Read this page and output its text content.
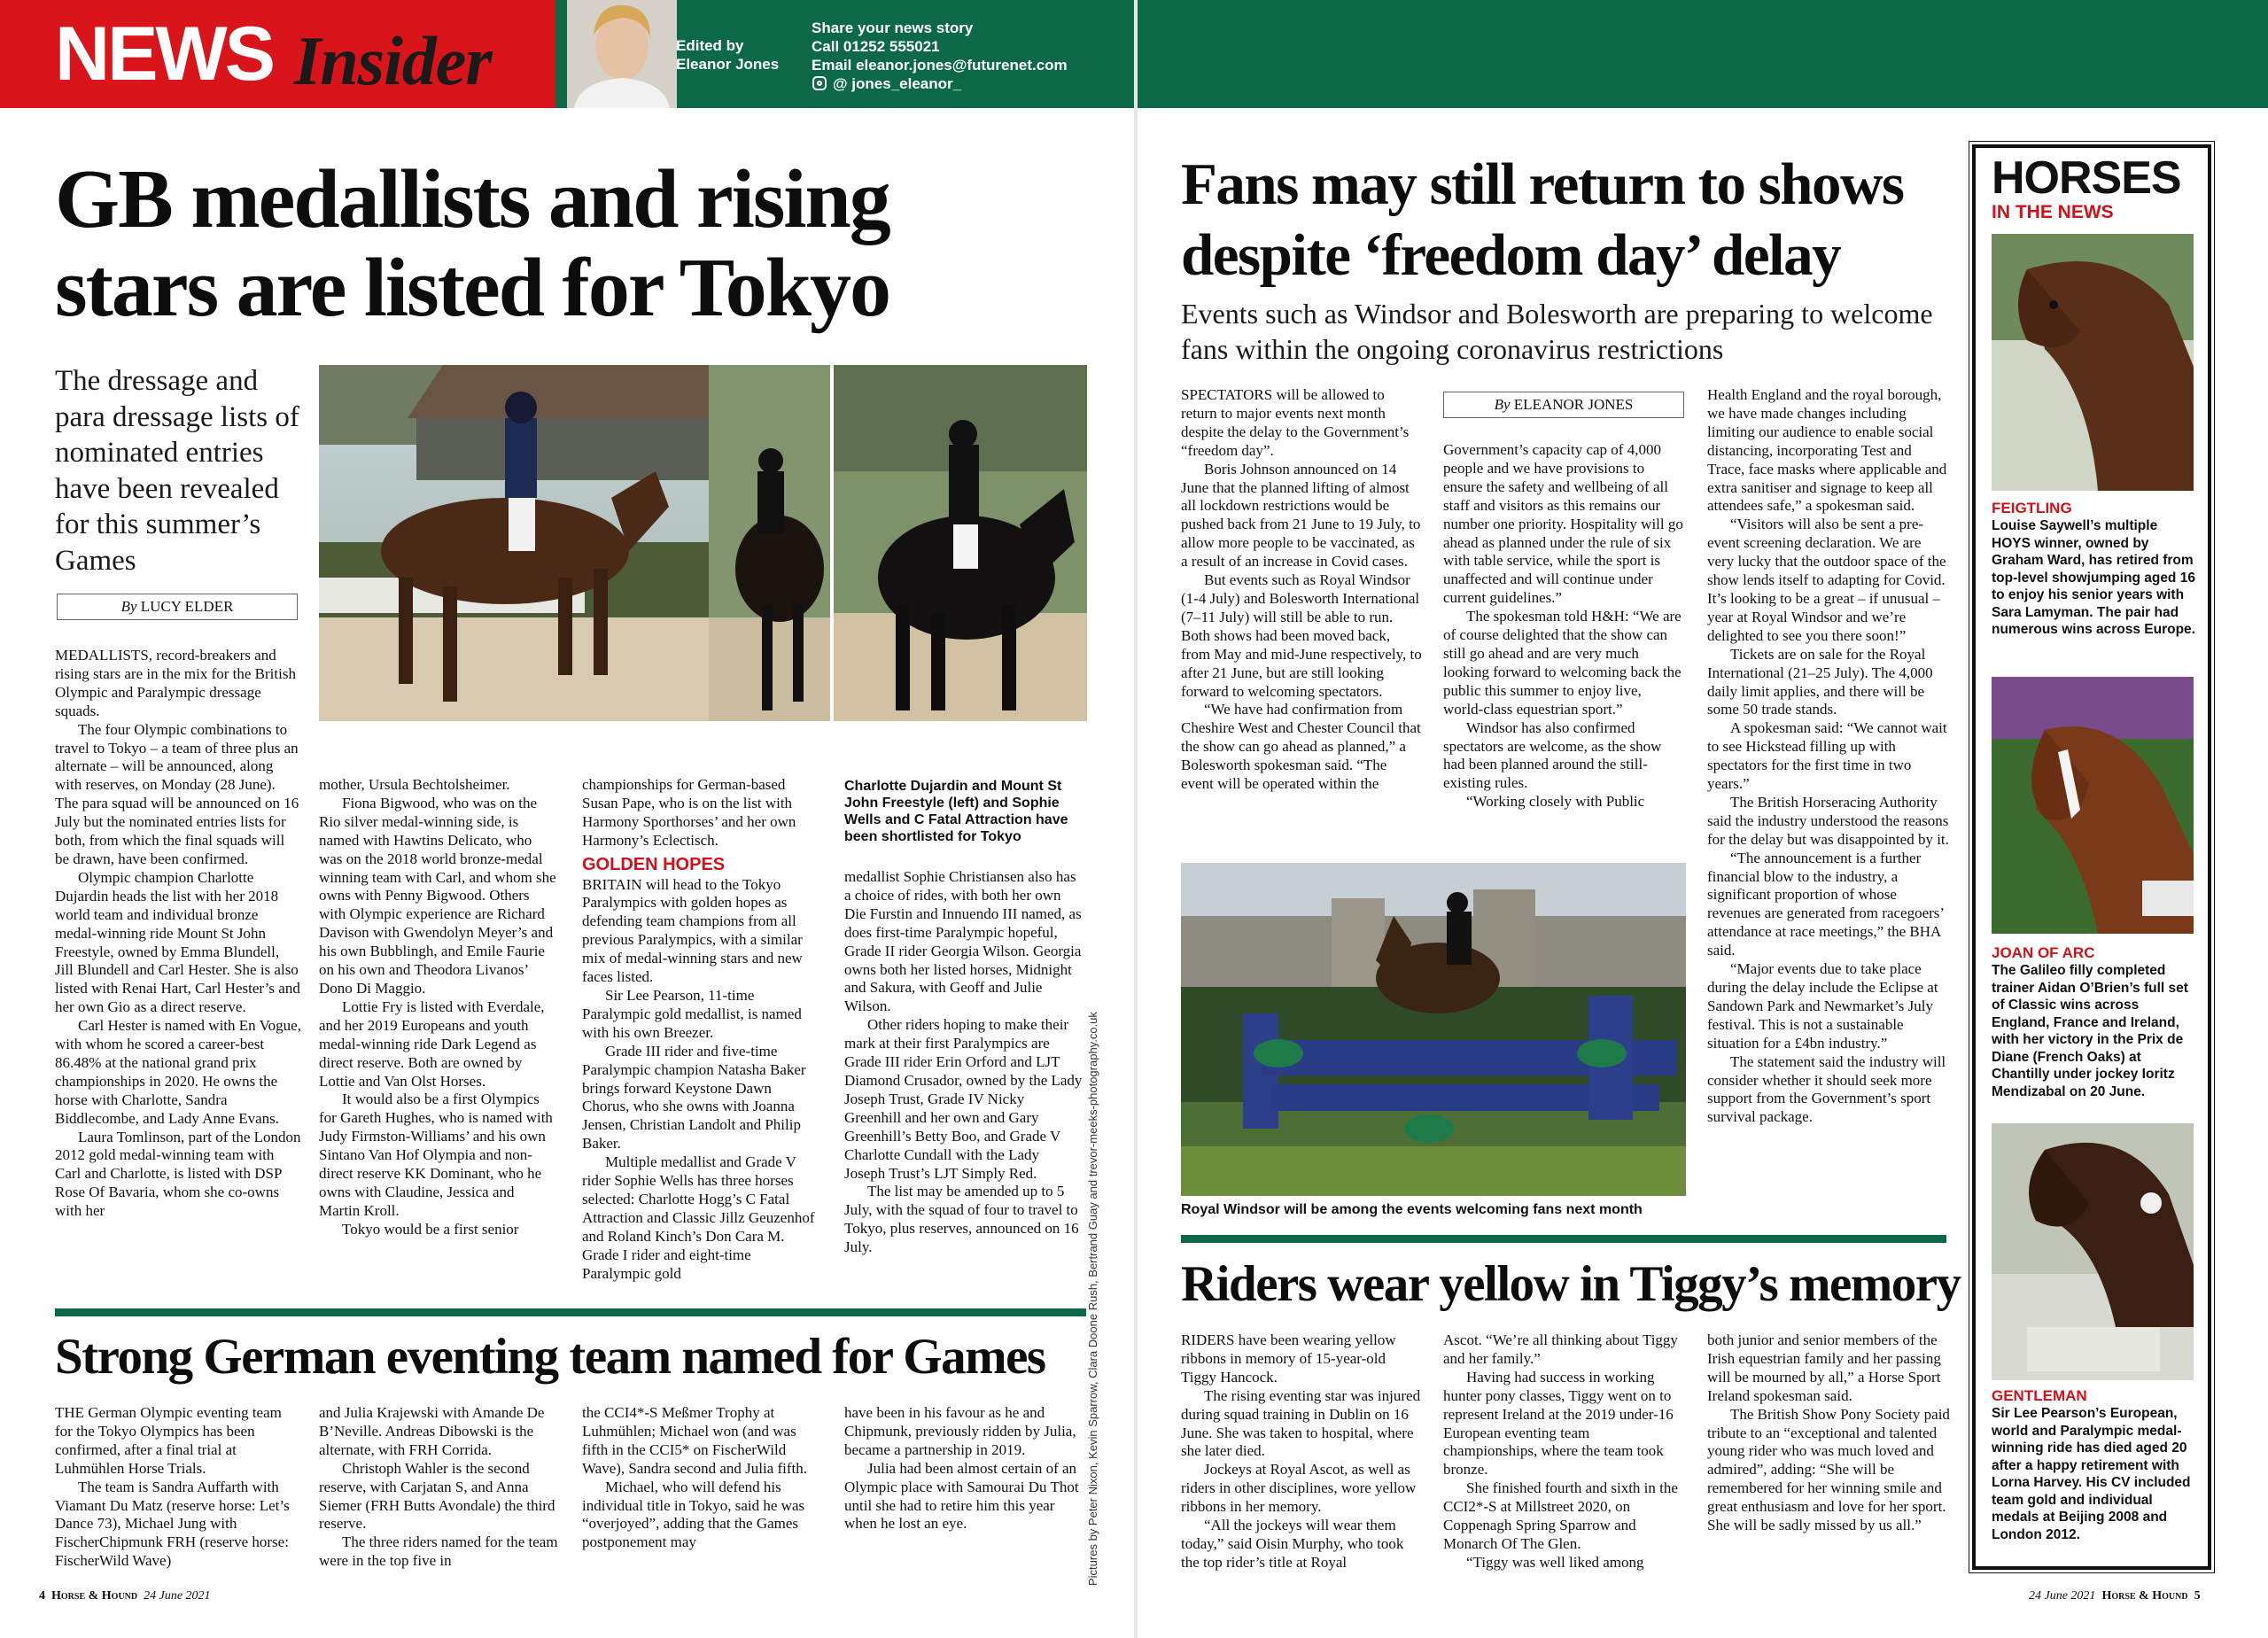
NEWS Insider	Edited by
Eleanor Jones
Share your news story
Call 01252 555021
Email eleanor.jones@futurenet.com
@ jones_eleanor_
GB medallists and rising stars are listed for Tokyo
The dressage and para dressage lists of nominated entries have been revealed for this summer’s Games
By LUCY ELDER

MEDALLISTS, record-breakers and rising stars are in the mix for the British Olympic and Paralympic dressage squads.

The four Olympic combinations to travel to Tokyo – a team of three plus an alternate – will be announced, along with reserves, on Monday (28 June). The para squad will be announced on 16 July but the nominated entries lists for both, from which the final squads will be drawn, have been confirmed.

Olympic champion Charlotte Dujardin heads the list with her 2018 world team and individual bronze medal-winning ride Mount St John Freestyle, owned by Emma Blundell, Jill Blundell and Carl Hester. She is also listed with Renai Hart, Carl Hester’s and her own Gio as a direct reserve.

Carl Hester is named with En Vogue, with whom he scored a career-best 86.48% at the national grand prix championships in 2020. He owns the horse with Charlotte, Sandra Biddlecombe, and Lady Anne Evans.

Laura Tomlinson, part of the London 2012 gold medal-winning team with Carl and Charlotte, is listed with DSP Rose Of Bavaria, whom she co-owns with her

mother, Ursula Bechtolsheimer.

Fiona Bigwood, who was on the Rio silver medal-winning side, is named with Hawtins Delicato, who was on the 2018 world bronze-medal winning team with Carl, and whom she owns with Penny Bigwood. Others with Olympic experience are Richard Davison with Gwendolyn Meyer’s and his own Bubblingh, and Emile Faurie on his own and Theodora Livanos’ Dono Di Maggio.

Lottie Fry is listed with Everdale, and her 2019 Europeans and youth medal-winning ride Dark Legend as direct reserve. Both are owned by Lottie and Van Olst Horses.

It would also be a first Olympics for Gareth Hughes, who is named with Judy Firmston-Williams’ and his own Sintano Van Hof Olympia and non-direct reserve KK Dominant, who he owns with Claudine, Jessica and Martin Kroll.

Tokyo would be a first senior

championships for German-based Susan Pape, who is on the list with Harmony Sporthorses’ and her own Harmony’s Eclectisch.

GOLDEN HOPES

BRITAIN will head to the Tokyo Paralympics with golden hopes as defending team champions from all previous Paralympics, with a similar mix of medal-winning stars and new faces listed.

Sir Lee Pearson, 11-time Paralympic gold medallist, is named with his own Breezer.

Grade III rider and five-time Paralympic champion Natasha Baker brings forward Keystone Dawn Chorus, who she owns with Joanna Jensen, Christian Landolt and Philip Baker.

Multiple medallist and Grade V rider Sophie Wells has three horses selected: Charlotte Hogg’s C Fatal Attraction and Classic Jillz Geuzenhof and Roland Kinch’s Don Cara M. Grade I rider and eight-time Paralympic gold

Charlotte Dujardin and Mount St John Freestyle (left) and Sophie Wells and C Fatal Attraction have been shortlisted for Tokyo

medallist Sophie Christiansen also has a choice of rides, with both her own Die Furstin and Innuendo III named, as does first-time Paralympic hopeful, Grade II rider Georgia Wilson. Georgia owns both her listed horses, Midnight and Sakura, with Geoff and Julie Wilson.

Other riders hoping to make their mark at their first Paralympics are Grade III rider Erin Orford and LJT Diamond Crusador, owned by the Lady Joseph Trust, Grade IV Nicky Greenhill and her own and Gary Greenhill’s Betty Boo, and Grade V Charlotte Cundall with the Lady Joseph Trust’s LJT Simply Red.

The list may be amended up to 5 July, with the squad of four to travel to Tokyo, plus reserves, announced on 16 July.	Pictures by Peter Nixon, Kevin Sparrow, Clara Doone Rush, Bertrand Guay and trevor-meeks-photography.co.uk
Strong German eventing team named for Games

THE German Olympic eventing team for the Tokyo Olympics has been confirmed, after a final trial at Luhmühlen Horse Trials.

The team is Sandra Auffarth with Viamant Du Matz (reserve horse: Let’s Dance 73), Michael Jung with FischerChipmunk FRH (reserve horse: FischerWild Wave)

and Julia Krajewski with Amande De B’Neville. Andreas Dibowski is the alternate, with FRH Corrida.

Christoph Wahler is the second reserve, with Carjatan S, and Anna Siemer (FRH Butts Avondale) the third reserve.

The three riders named for the team were in the top five in

the CCI4*-S Meßmer Trophy at Luhmühlen; Michael won (and was fifth in the CCI5* on FischerWild Wave), Sandra second and Julia fifth.

Michael, who will defend his individual title in Tokyo, said he was “overjoyed”, adding that the Games postponement may

have been in his favour as he and Chipmunk, previously ridden by Julia, became a partnership in 2019.

Julia had been almost certain of an Olympic place with Samourai Du Thot until she had to retire him this year when he lost an eye.

4 Horse & Hound 24 June 2021
Fans may still return to shows despite ‘freedom day’ delay
Events such as Windsor and Bolesworth are preparing to welcome fans within the ongoing coronavirus restrictions

SPECTATORS will be allowed to return to major events next month despite the delay to the Government’s “freedom day”.

Boris Johnson announced on 14 June that the planned lifting of almost all lockdown restrictions would be pushed back from 21 June to 19 July, to allow more people to be vaccinated, as a result of an increase in Covid cases.

But events such as Royal Windsor (1-4 July) and Bolesworth International (7–11 July) will still be able to run. Both shows had been moved back, from May and mid-June respectively, to after 21 June, but are still looking forward to welcoming spectators.

“We have had confirmation from Cheshire West and Chester Council that the show can go ahead as planned,” a Bolesworth spokesman said. “The event will be operated within the

By ELEANOR JONES

Government’s capacity cap of 4,000 people and we have provisions to ensure the safety and wellbeing of all staff and visitors as this remains our number one priority. Hospitality will go ahead as planned under the rule of six with table service, while the sport is unaffected and will continue under current guidelines.”

The spokesman told H&H: “We are of course delighted that the show can still go ahead and are very much looking forward to welcoming back the public this summer to enjoy live, world-class equestrian sport.”

Windsor has also confirmed spectators are welcome, as the show had been planned around the still-existing rules.

“Working closely with Public

Health England and the royal borough, we have made changes including limiting our audience to enable social distancing, incorporating Test and Trace, face masks where applicable and extra sanitiser and signage to keep all attendees safe,” a spokesman said.

“Visitors will also be sent a pre-event screening declaration. We are very lucky that the outdoor space of the show lends itself to adapting for Covid. It’s looking to be a great – if unusual – year at Royal Windsor and we’re delighted to see you there soon!”

Tickets are on sale for the Royal International (21–25 July). The 4,000 daily limit applies, and there will be some 50 trade stands.

A spokesman said: “We cannot wait to see Hickstead filling up with spectators for the first time in two years.”

The British Horseracing Authority said the industry understood the reasons for the delay but was disappointed by it.

“The announcement is a further financial blow to the industry, a significant proportion of whose revenues are generated from racegoers’ attendance at race meetings,” the BHA said.

“Major events due to take place during the delay include the Eclipse at Sandown Park and Newmarket’s July festival. This is not a sustainable situation for a £4bn industry.”

The statement said the industry will consider whether it should seek more support from the Government’s sport survival package.

Royal Windsor will be among the events welcoming fans next month
Riders wear yellow in Tiggy’s memory

RIDERS have been wearing yellow ribbons in memory of 15-year-old Tiggy Hancock.

The rising eventing star was injured during squad training in Dublin on 16 June. She was taken to hospital, where she later died.

Jockeys at Royal Ascot, as well as riders in other disciplines, wore yellow ribbons in her memory.

“All the jockeys will wear them today,” said Oisin Murphy, who took the top rider’s title at Royal

Ascot. “We’re all thinking about Tiggy and her family.”

Having had success in working hunter pony classes, Tiggy went on to represent Ireland at the 2019 under-16 European eventing team championships, where the team took bronze.

She finished fourth and sixth in the CCI2*-S at Millstreet 2020, on Coppenagh Spring Sparrow and Monarch Of The Glen.

“Tiggy was well liked among

both junior and senior members of the Irish equestrian family and her passing will be mourned by all,” a Horse Sport Ireland spokesman said.

The British Show Pony Society paid tribute to an “exceptional and talented young rider who was much loved and admired”, adding: “She will be remembered for her winning smile and great enthusiasm and love for her sport. She will be sadly missed by us all.”

HORSES
IN THE NEWS
FEIGTLING
Louise Saywell’s multiple HOYS winner, owned by Graham Ward, has retired from top-level showjumping aged 16 to enjoy his senior years with Sara Lamyman. The pair had numerous wins across Europe.
JOAN OF ARC
The Galileo filly completed trainer Aidan O’Brien’s full set of Classic wins across England, France and Ireland, with her victory in the Prix de Diane (French Oaks) at Chantilly under jockey Ioritz Mendizabal on 20 June.
GENTLEMAN
Sir Lee Pearson’s European, world and Paralympic medal-winning ride has died aged 20 after a happy retirement with Lorna Harvey. His CV included team gold and individual medals at Beijing 2008 and London 2012.
24 June 2021 Horse & Hound 5
